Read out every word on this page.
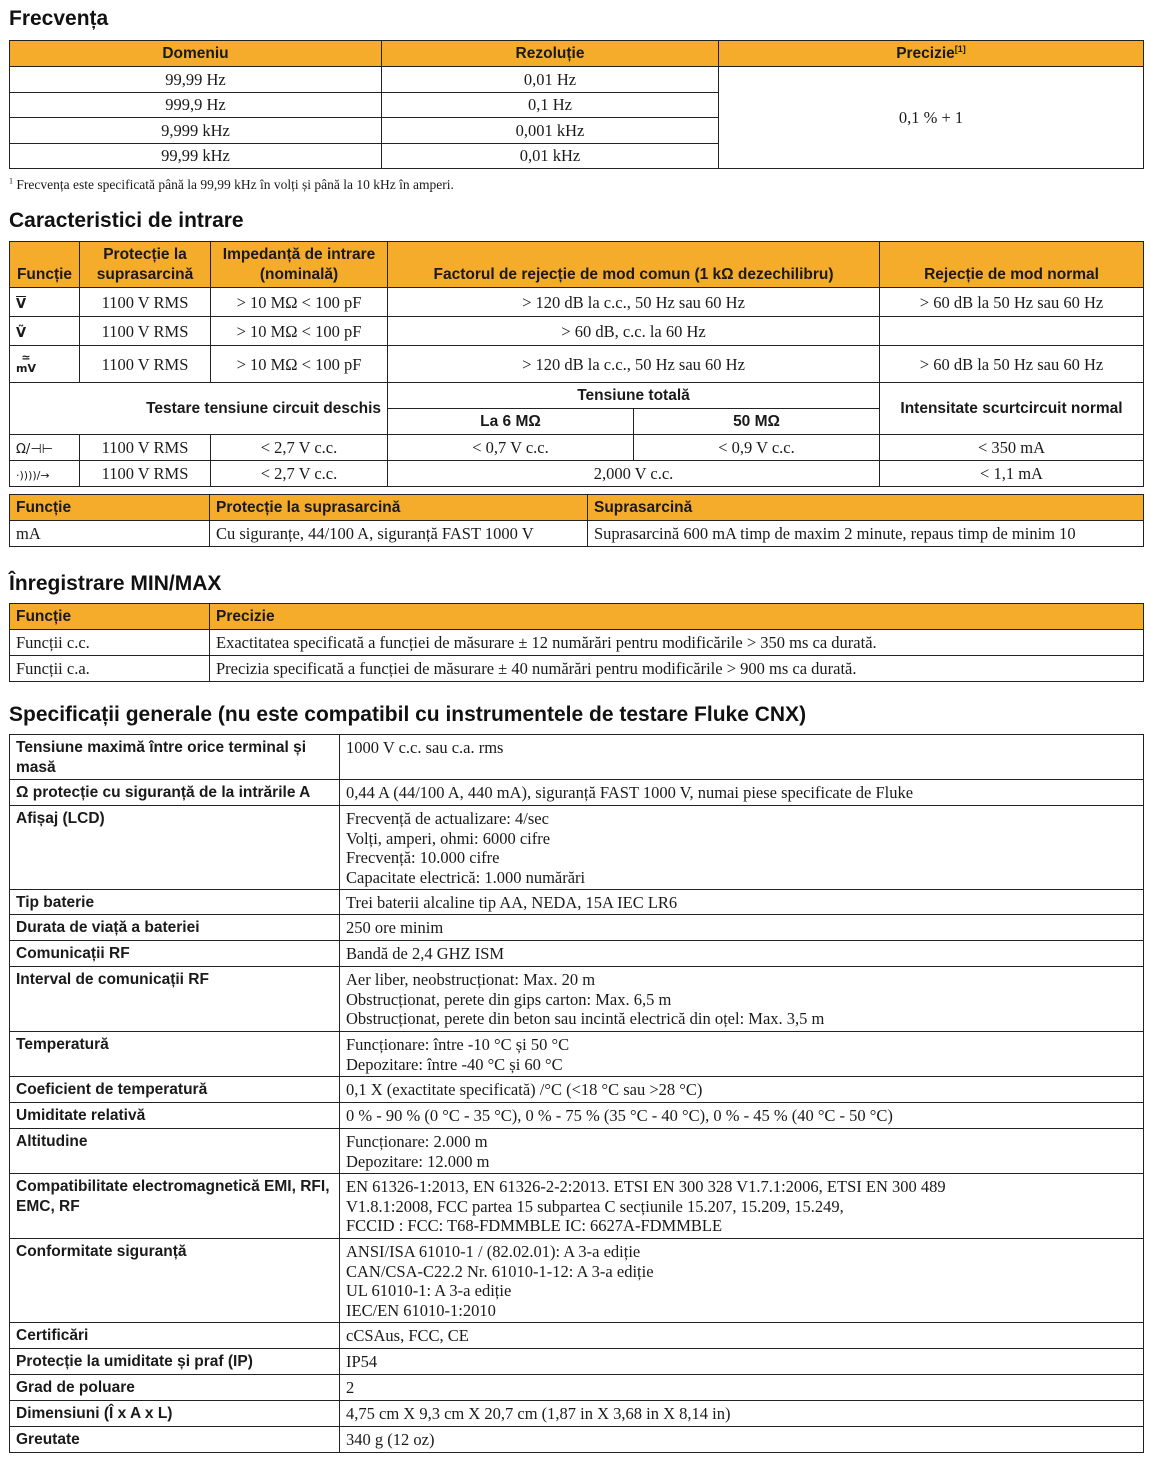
Frecvența
Domeniu	Rezoluție	Precizie[1]
99,99 Hz	0,01 Hz	0,1 % + 1
999,9 Hz	0,1 Hz	
9,999 kHz	0,001 kHz	
99,99 kHz	0,01 kHz	
$^1$ Frecvența este specificată până la 99,99 kHz în volți și până la 10 kHz în amperi.
Caracteristici de intrare
Funcție	Protecție la suprasarcină	Impedanță de intrare (nominală)	Factorul de rejecție de mod comun (1 kΩ dezechilibru)		Rejecție de mod normal
$\overline{V}$	1100 V RMS	> 10 MΩ < 100 pF	> 120 dB la c.c., 50 Hz sau 60 Hz		> 60 dB la 50 Hz sau 60 Hz
Ṽ	1100 V RMS	> 10 MΩ < 100 pF	> 60 dB, c.c. la 60 Hz		
≃
mV	1100 V RMS	> 10 MΩ < 100 pF	> 120 dB la c.c., 50 Hz sau 60 Hz		> 60 dB la 50 Hz sau 60 Hz
Testare tensiune circuit deschis			Tensiune totală		Intensitate scurtcircuit normal
			La 6 MΩ	50 MΩ	
Ω/⊣⊢	1100 V RMS	< 2,7 V c.c.	< 0,7 V c.c.	< 0,9 V c.c.	< 350 mA
·))))/→	1100 V RMS	< 2,7 V c.c.	2,000 V c.c.		< 1,1 mA
Funcție	Protecție la suprasarcină	Suprasarcină
mA	Cu siguranțe, 44/100 A, siguranță FAST 1000 V	Suprasarcină 600 mA timp de maxim 2 minute, repaus timp de minim 10
Înregistrare MIN/MAX
Funcție	Precizie
Funcții c.c.	Exactitatea specificată a funcției de măsurare ± 12 numărări pentru modificările > 350 ms ca durată.
Funcții c.a.	Precizia specificată a funcției de măsurare ± 40 numărări pentru modificările > 900 ms ca durată.
Specificații generale (nu este compatibil cu instrumentele de testare Fluke CNX)
Tensiune maximă între orice terminal și masă	1000 V c.c. sau c.a. rms

Ω protecție cu siguranță de la intrările A	0,44 A (44/100 A, 440 mA), siguranță FAST 1000 V, numai piese specificate de Fluke

Afișaj (LCD)	Frecvență de actualizare: 4/sec
Volți, amperi, ohmi: 6000 cifre
Frecvență: 10.000 cifre
Capacitate electrică: 1.000 numărări

Tip baterie	Trei baterii alcaline tip AA, NEDA, 15A IEC LR6

Durata de viață a bateriei	250 ore minim

Comunicații RF	Bandă de 2,4 GHZ ISM

Interval de comunicații RF	Aer liber, neobstrucționat: Max. 20 m
Obstrucționat, perete din gips carton: Max. 6,5 m
Obstrucționat, perete din beton sau incintă electrică din oțel: Max. 3,5 m

Temperatură	Funcționare: între -10 °C și 50 °C
Depozitare: între -40 °C și 60 °C

Coeficient de temperatură	0,1 X (exactitate specificată) /°C (<18 °C sau >28 °C)

Umiditate relativă	0 % - 90 % (0 °C - 35 °C), 0 % - 75 % (35 °C - 40 °C), 0 % - 45 % (40 °C - 50 °C)

Altitudine	Funcționare: 2.000 m
Depozitare: 12.000 m

Compatibilitate electromagnetică EMI, RFI, EMC, RF	EN 61326-1:2013, EN 61326-2-2:2013. ETSI EN 300 328 V1.7.1:2006, ETSI EN 300 489
V1.8.1:2008, FCC partea 15 subpartea C secțiunile 15.207, 15.209, 15.249,
FCCID : FCC: T68-FDMMBLE IC: 6627A-FDMMBLE

Conformitate siguranță	ANSI/ISA 61010-1 / (82.02.01): A 3-a ediție
CAN/CSA-C22.2 Nr. 61010-1-12: A 3-a ediție
UL 61010-1: A 3-a ediție
IEC/EN 61010-1:2010

Certificări	cCSAus, FCC, CE

Protecție la umiditate și praf (IP)	IP54

Grad de poluare	2

Dimensiuni (Î x A x L)	4,75 cm X 9,3 cm X 20,7 cm (1,87 in X 3,68 in X 8,14 in)

Greutate	340 g (12 oz)
